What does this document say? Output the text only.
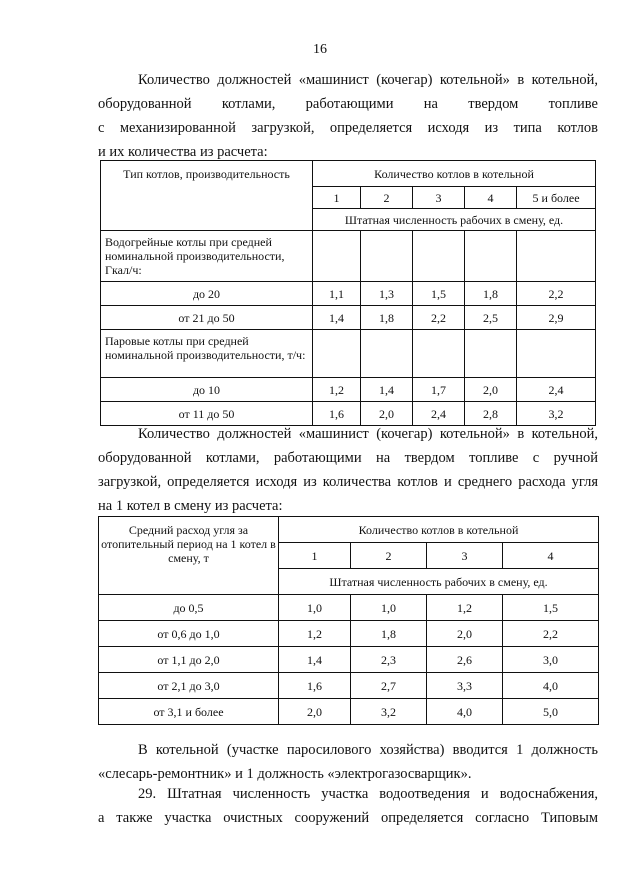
16
Количество должностей «машинист (кочегар) котельной» в котельной,
оборудованной котлами, работающими на твердом топливе
с механизированной загрузкой, определяется исходя из типа котлов
и их количества из расчета:
Тип котлов, производительность	Количество котлов в котельной				
	1	2	3	4	5 и более
	Штатная численность рабочих в смену, ед.				
Водогрейные котлы при средней номинальной производительности, Гкал/ч:					
до 20	1,1	1,3	1,5	1,8	2,2
от 21 до 50	1,4	1,8	2,2	2,5	2,9
Паровые котлы при средней номинальной производительности, т/ч:					
до 10	1,2	1,4	1,7	2,0	2,4
от 11 до 50	1,6	2,0	2,4	2,8	3,2
Количество должностей «машинист (кочегар) котельной» в котельной,
оборудованной котлами, работающими на твердом топливе с ручной
загрузкой, определяется исходя из количества котлов и среднего расхода угля
на 1 котел в смену из расчета:
Средний расход угля за отопительный период на 1 котел в смену, т	Количество котлов в котельной			
	1	2	3	4
	Штатная численность рабочих в смену, ед.			
до 0,5	1,0	1,0	1,2	1,5
от 0,6 до 1,0	1,2	1,8	2,0	2,2
от 1,1 до 2,0	1,4	2,3	2,6	3,0
от 2,1 до 3,0	1,6	2,7	3,3	4,0
от 3,1 и более	2,0	3,2	4,0	5,0
В котельной (участке паросилового хозяйства) вводится 1 должность
«слесарь-ремонтник» и 1 должность «электрогазосварщик».
29. Штатная численность участка водоотведения и водоснабжения,
а также участка очистных сооружений определяется согласно Типовым
